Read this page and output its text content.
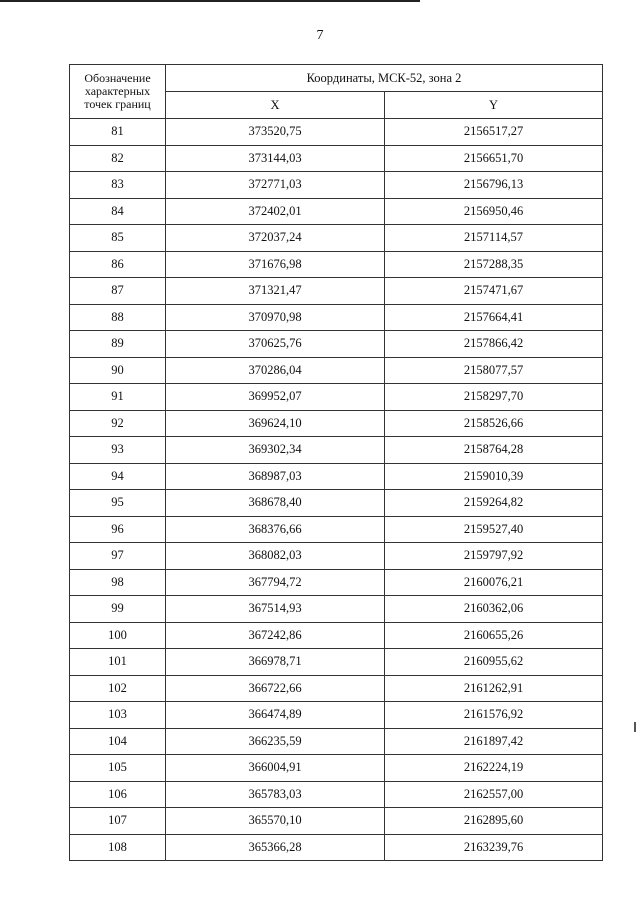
7
Обозначение характерных точек границ	Координаты, МСК-52, зона 2	
	X	Y
81	373520,75	2156517,27
82	373144,03	2156651,70
83	372771,03	2156796,13
84	372402,01	2156950,46
85	372037,24	2157114,57
86	371676,98	2157288,35
87	371321,47	2157471,67
88	370970,98	2157664,41
89	370625,76	2157866,42
90	370286,04	2158077,57
91	369952,07	2158297,70
92	369624,10	2158526,66
93	369302,34	2158764,28
94	368987,03	2159010,39
95	368678,40	2159264,82
96	368376,66	2159527,40
97	368082,03	2159797,92
98	367794,72	2160076,21
99	367514,93	2160362,06
100	367242,86	2160655,26
101	366978,71	2160955,62
102	366722,66	2161262,91
103	366474,89	2161576,92
104	366235,59	2161897,42
105	366004,91	2162224,19
106	365783,03	2162557,00
107	365570,10	2162895,60
108	365366,28	2163239,76
